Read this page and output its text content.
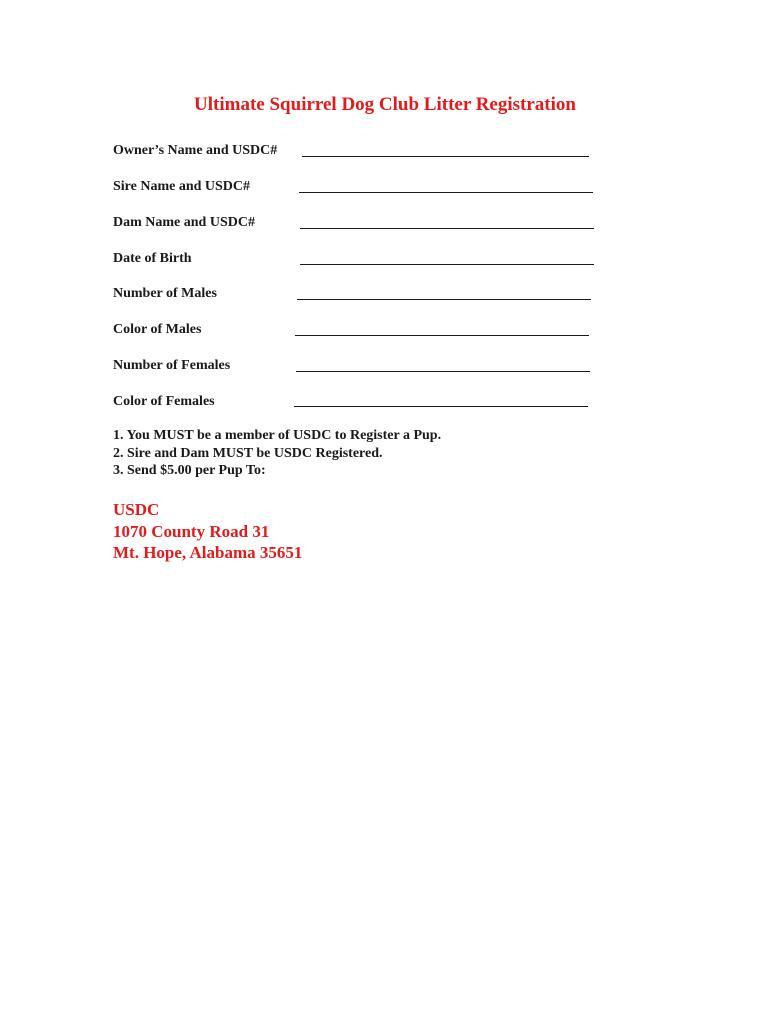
Ultimate Squirrel Dog Club Litter Registration
Owner’s Name and USDC#
Sire Name and USDC#
Dam Name and USDC#
Date of Birth
Number of Males
Color of Males
Number of Females
Color of Females
1. You MUST be a member of USDC to Register a Pup.
2. Sire and Dam MUST be USDC Registered.
3. Send $5.00 per Pup To:
USDC
1070 County Road 31
Mt. Hope, Alabama 35651
